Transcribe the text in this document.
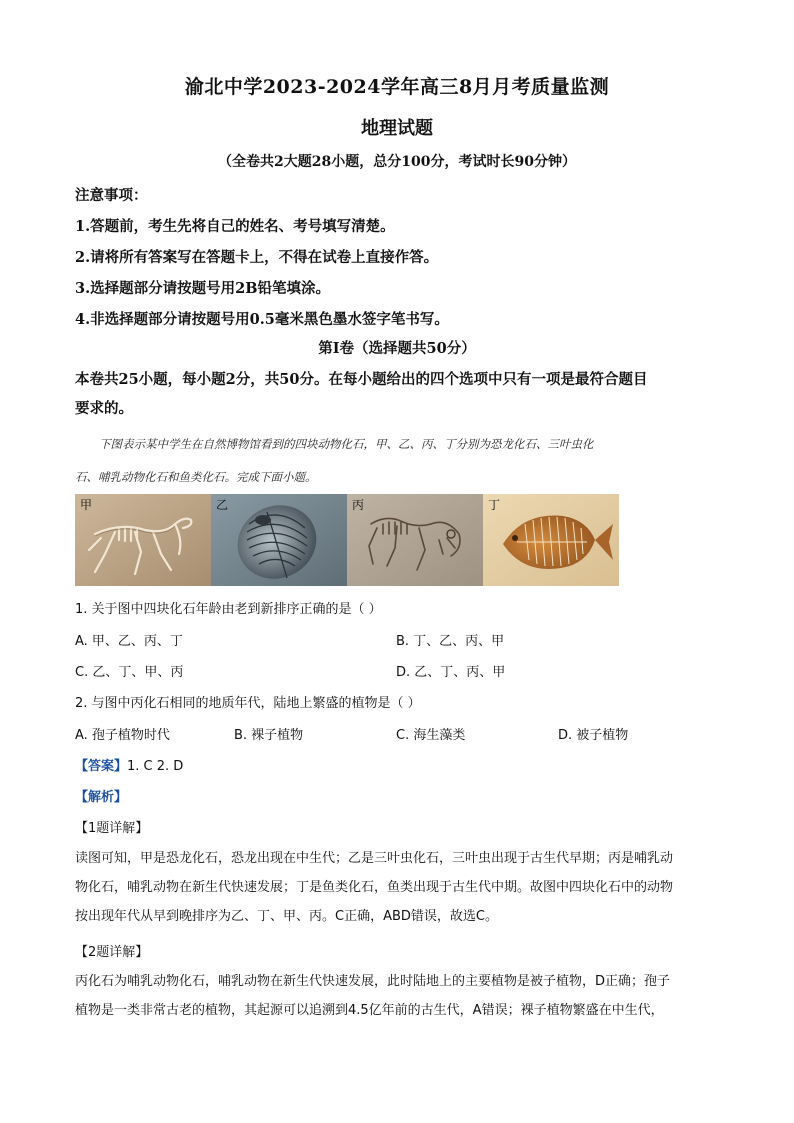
渝北中学2023-2024学年高三8月月考质量监测
地理试题
（全卷共2大题28小题，总分100分，考试时长90分钟）
注意事项：
1.答题前，考生先将自己的姓名、考号填写清楚。
2.请将所有答案写在答题卡上，不得在试卷上直接作答。
3.选择题部分请按题号用2B铅笔填涂。
4.非选择题部分请按题号用0.5毫米黑色墨水签字笔书写。
第Ⅰ卷（选择题共50分）
本卷共25小题，每小题2分，共50分。在每小题给出的四个选项中只有一项是最符合题目
要求的。
下图表示某中学生在自然博物馆看到的四块动物化石，甲、乙、丙、丁分别为恐龙化石、三叶虫化
石、哺乳动物化石和鱼类化石。完成下面小题。
甲	乙	丙	丁
1. 关于图中四块化石年龄由老到新排序正确的是（ ）
A. 甲、乙、丙、丁	B. 丁、乙、丙、甲
C. 乙、丁、甲、丙	D. 乙、丁、丙、甲
2. 与图中丙化石相同的地质年代，陆地上繁盛的植物是（ ）
A. 孢子植物时代	B. 裸子植物	C. 海生藻类	D. 被子植物
【答案】1. C 2. D
【解析】
【1题详解】
读图可知，甲是恐龙化石，恐龙出现在中生代；乙是三叶虫化石，三叶虫出现于古生代早期；丙是哺乳动
物化石，哺乳动物在新生代快速发展；丁是鱼类化石，鱼类出现于古生代中期。故图中四块化石中的动物
按出现年代从早到晚排序为乙、丁、甲、丙。C正确，ABD错误，故选C。
【2题详解】
丙化石为哺乳动物化石，哺乳动物在新生代快速发展，此时陆地上的主要植物是被子植物，D正确；孢子
植物是一类非常古老的植物，其起源可以追溯到4.5亿年前的古生代，A错误；裸子植物繁盛在中生代，
